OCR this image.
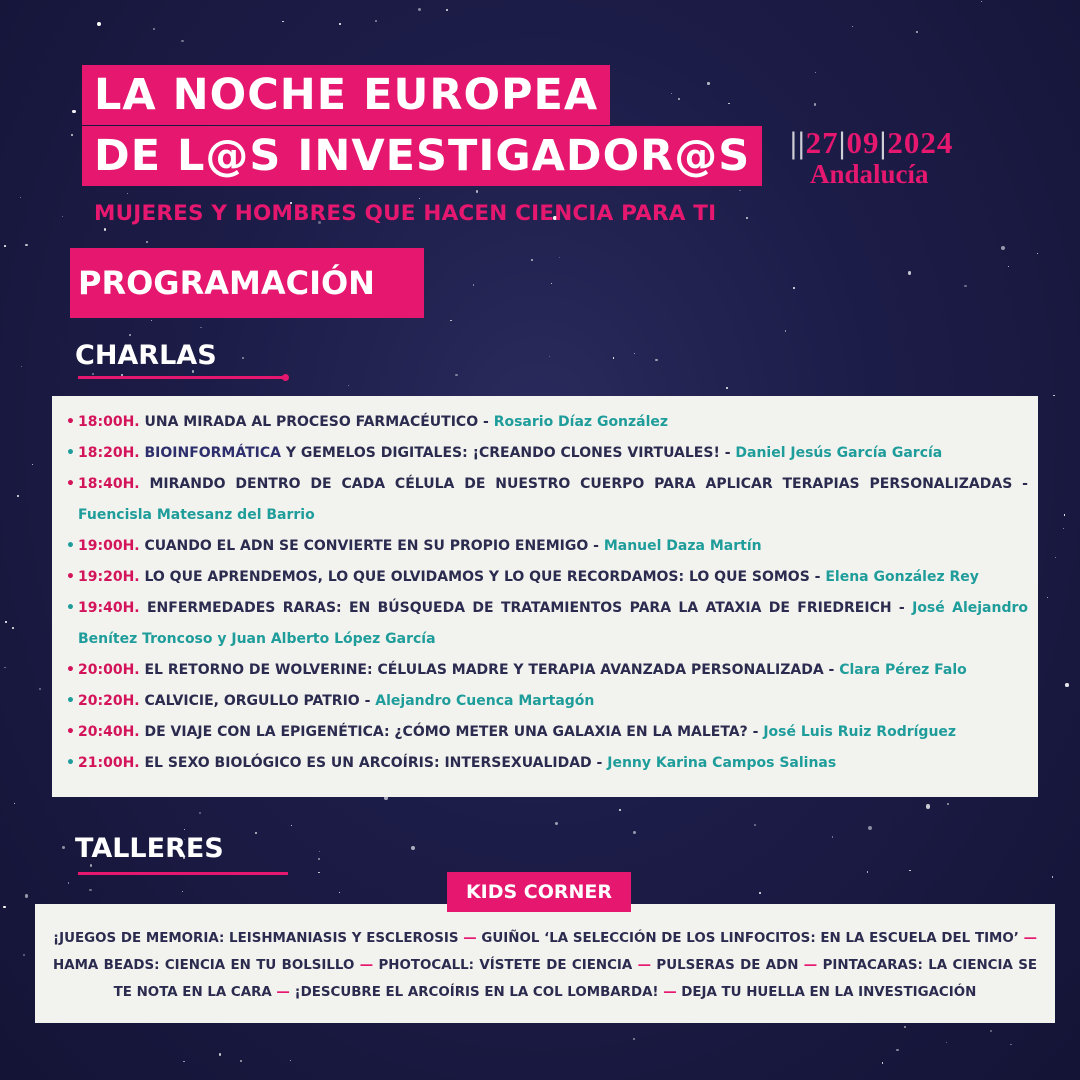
LA NOCHE EUROPEA
DE L@S INVESTIGADOR@S	||27|09|2024
Andalucía
MUJERES Y HOMBRES QUE HACEN CIENCIA PARA TI
PROGRAMACIÓN
CHARLAS
• 18:00H. UNA MIRADA AL PROCESO FARMACÉUTICO - Rosario Díaz González
• 18:20H. BIOINFORMÁTICA Y GEMELOS DIGITALES: ¡CREANDO CLONES VIRTUALES! - Daniel Jesús García García
• 18:40H. MIRANDO DENTRO DE CADA CÉLULA DE NUESTRO CUERPO PARA APLICAR TERAPIAS PERSONALIZADAS - Fuencisla Matesanz del Barrio
• 19:00H. CUANDO EL ADN SE CONVIERTE EN SU PROPIO ENEMIGO - Manuel Daza Martín
• 19:20H. LO QUE APRENDEMOS, LO QUE OLVIDAMOS Y LO QUE RECORDAMOS: LO QUE SOMOS - Elena González Rey
• 19:40H. ENFERMEDADES RARAS: EN BÚSQUEDA DE TRATAMIENTOS PARA LA ATAXIA DE FRIEDREICH - José Alejandro Benítez Troncoso y Juan Alberto López García
• 20:00H. EL RETORNO DE WOLVERINE: CÉLULAS MADRE Y TERAPIA AVANZADA PERSONALIZADA - Clara Pérez Falo
• 20:20H. CALVICIE, ORGULLO PATRIO - Alejandro Cuenca Martagón
• 20:40H. DE VIAJE CON LA EPIGENÉTICA: ¿CÓMO METER UNA GALAXIA EN LA MALETA? - José Luis Ruiz Rodríguez
• 21:00H. EL SEXO BIOLÓGICO ES UN ARCOÍRIS: INTERSEXUALIDAD - Jenny Karina Campos Salinas
TALLERES
¡JUEGOS DE MEMORIA: LEISHMANIASIS Y ESCLEROSIS — GUIÑOL ‘LA SELECCIÓN DE LOS LINFOCITOS: EN LA ESCUELA DEL TIMO’ — HAMA BEADS: CIENCIA EN TU BOLSILLO — PHOTOCALL: VÍSTETE DE CIENCIA — PULSERAS DE ADN — PINTACARAS: LA CIENCIA SE TE NOTA EN LA CARA — ¡DESCUBRE EL ARCOÍRIS EN LA COL LOMBARDA! — DEJA TU HUELLA EN LA INVESTIGACIÓN
KIDS CORNER
